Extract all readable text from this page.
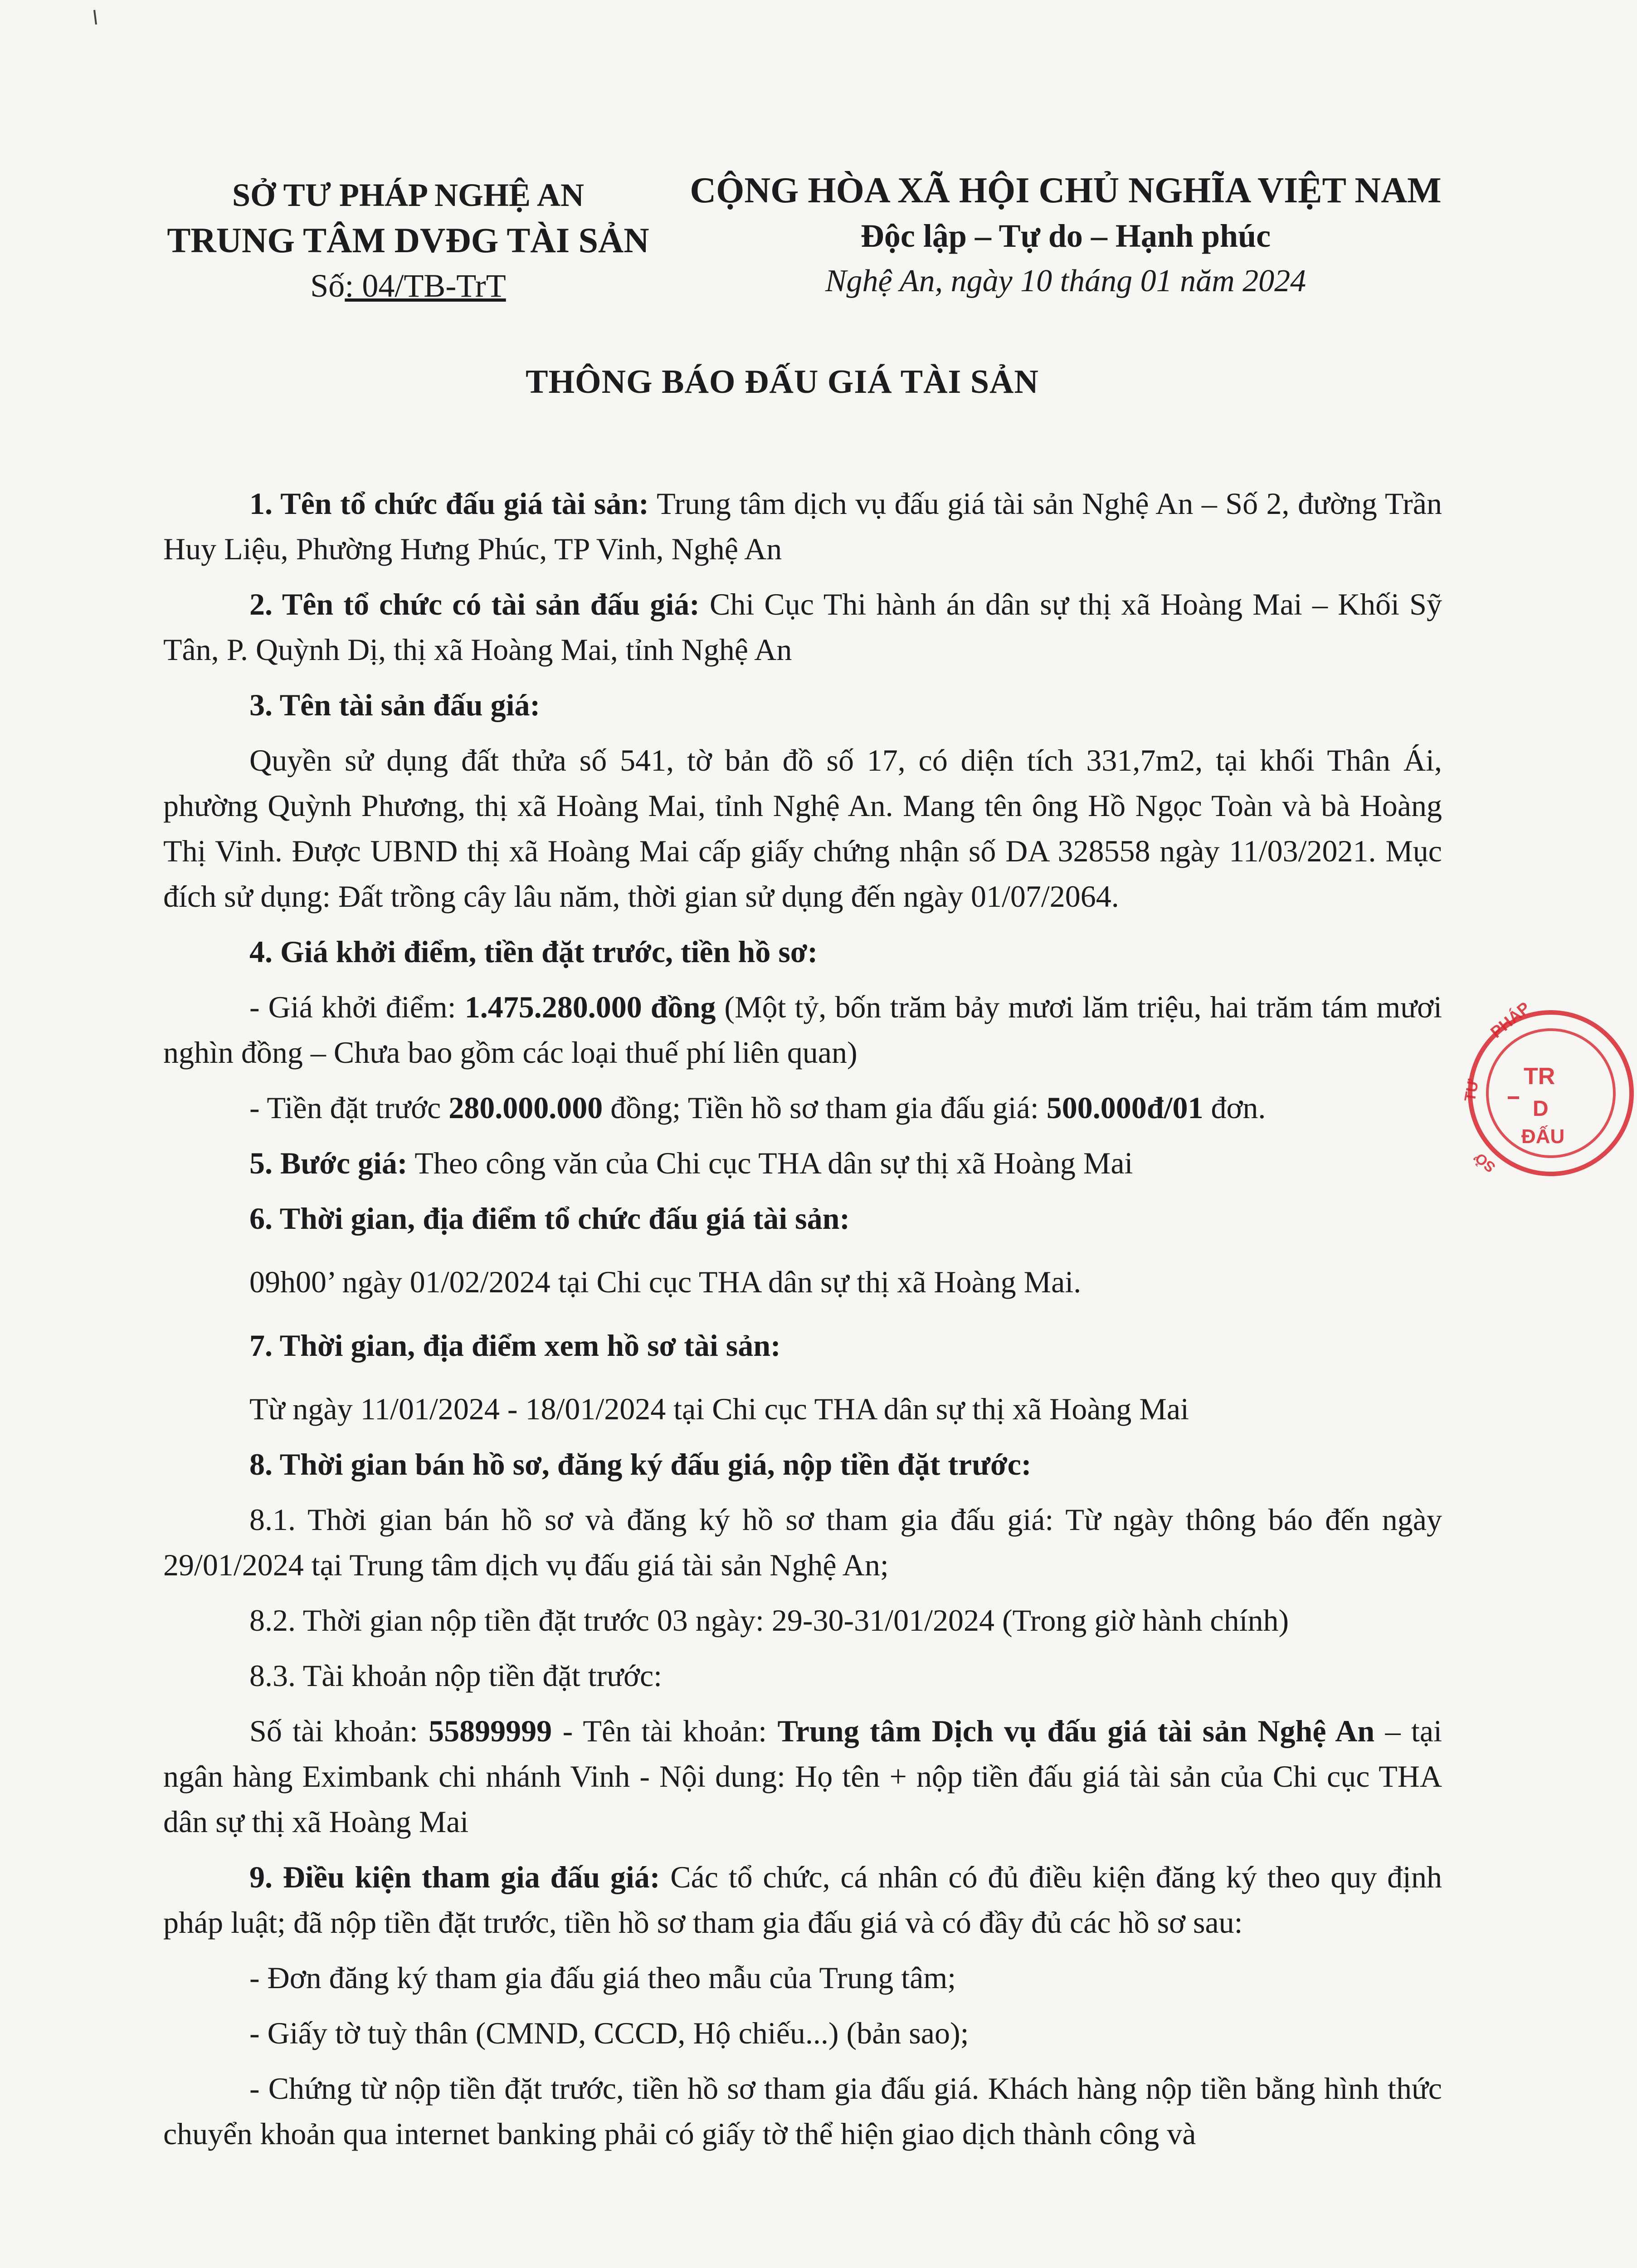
SỞ TƯ PHÁP NGHỆ AN
TRUNG TÂM DVĐG TÀI SẢN
Số: 04/TB-TrT
CỘNG HÒA XÃ HỘI CHỦ NGHĨA VIỆT NAM
Độc lập – Tự do – Hạnh phúc
Nghệ An, ngày 10 tháng 01 năm 2024
THÔNG BÁO ĐẤU GIÁ TÀI SẢN

1. Tên tổ chức đấu giá tài sản: Trung tâm dịch vụ đấu giá tài sản Nghệ An – Số 2, đường Trần Huy Liệu, Phường Hưng Phúc, TP Vinh, Nghệ An

2. Tên tổ chức có tài sản đấu giá: Chi Cục Thi hành án dân sự thị xã Hoàng Mai – Khối Sỹ Tân, P. Quỳnh Dị, thị xã Hoàng Mai, tỉnh Nghệ An

3. Tên tài sản đấu giá:

Quyền sử dụng đất thửa số 541, tờ bản đồ số 17, có diện tích 331,7m2, tại khối Thân Ái, phường Quỳnh Phương, thị xã Hoàng Mai, tỉnh Nghệ An. Mang tên ông Hồ Ngọc Toàn và bà Hoàng Thị Vinh. Được UBND thị xã Hoàng Mai cấp giấy chứng nhận số DA 328558 ngày 11/03/2021. Mục đích sử dụng: Đất trồng cây lâu năm, thời gian sử dụng đến ngày 01/07/2064.

4. Giá khởi điểm, tiền đặt trước, tiền hồ sơ:

- Giá khởi điểm: 1.475.280.000 đồng (Một tỷ, bốn trăm bảy mươi lăm triệu, hai trăm tám mươi nghìn đồng – Chưa bao gồm các loại thuế phí liên quan)

- Tiền đặt trước 280.000.000 đồng; Tiền hồ sơ tham gia đấu giá: 500.000đ/01 đơn.

5. Bước giá: Theo công văn của Chi cục THA dân sự thị xã Hoàng Mai

6. Thời gian, địa điểm tổ chức đấu giá tài sản:

09h00’ ngày 01/02/2024 tại Chi cục THA dân sự thị xã Hoàng Mai.

7. Thời gian, địa điểm xem hồ sơ tài sản:

Từ ngày 11/01/2024 - 18/01/2024 tại Chi cục THA dân sự thị xã Hoàng Mai

8. Thời gian bán hồ sơ, đăng ký đấu giá, nộp tiền đặt trước:

8.1. Thời gian bán hồ sơ và đăng ký hồ sơ tham gia đấu giá: Từ ngày thông báo đến ngày 29/01/2024 tại Trung tâm dịch vụ đấu giá tài sản Nghệ An;

8.2. Thời gian nộp tiền đặt trước 03 ngày: 29-30-31/01/2024 (Trong giờ hành chính)

8.3. Tài khoản nộp tiền đặt trước:

Số tài khoản: 55899999 - Tên tài khoản: Trung tâm Dịch vụ đấu giá tài sản Nghệ An – tại ngân hàng Eximbank chi nhánh Vinh - Nội dung: Họ tên + nộp tiền đấu giá tài sản của Chi cục THA dân sự thị xã Hoàng Mai

9. Điều kiện tham gia đấu giá: Các tổ chức, cá nhân có đủ điều kiện đăng ký theo quy định pháp luật; đã nộp tiền đặt trước, tiền hồ sơ tham gia đấu giá và có đầy đủ các hồ sơ sau:

- Đơn đăng ký tham gia đấu giá theo mẫu của Trung tâm;

- Giấy tờ tuỳ thân (CMND, CCCD, Hộ chiếu...) (bản sao);

- Chứng từ nộp tiền đặt trước, tiền hồ sơ tham gia đấu giá. Khách hàng nộp tiền bằng hình thức chuyển khoản qua internet banking phải có giấy tờ thể hiện giao dịch thành công và

PHÁP
TƯ
SỞ
TR
D
ĐẤU
